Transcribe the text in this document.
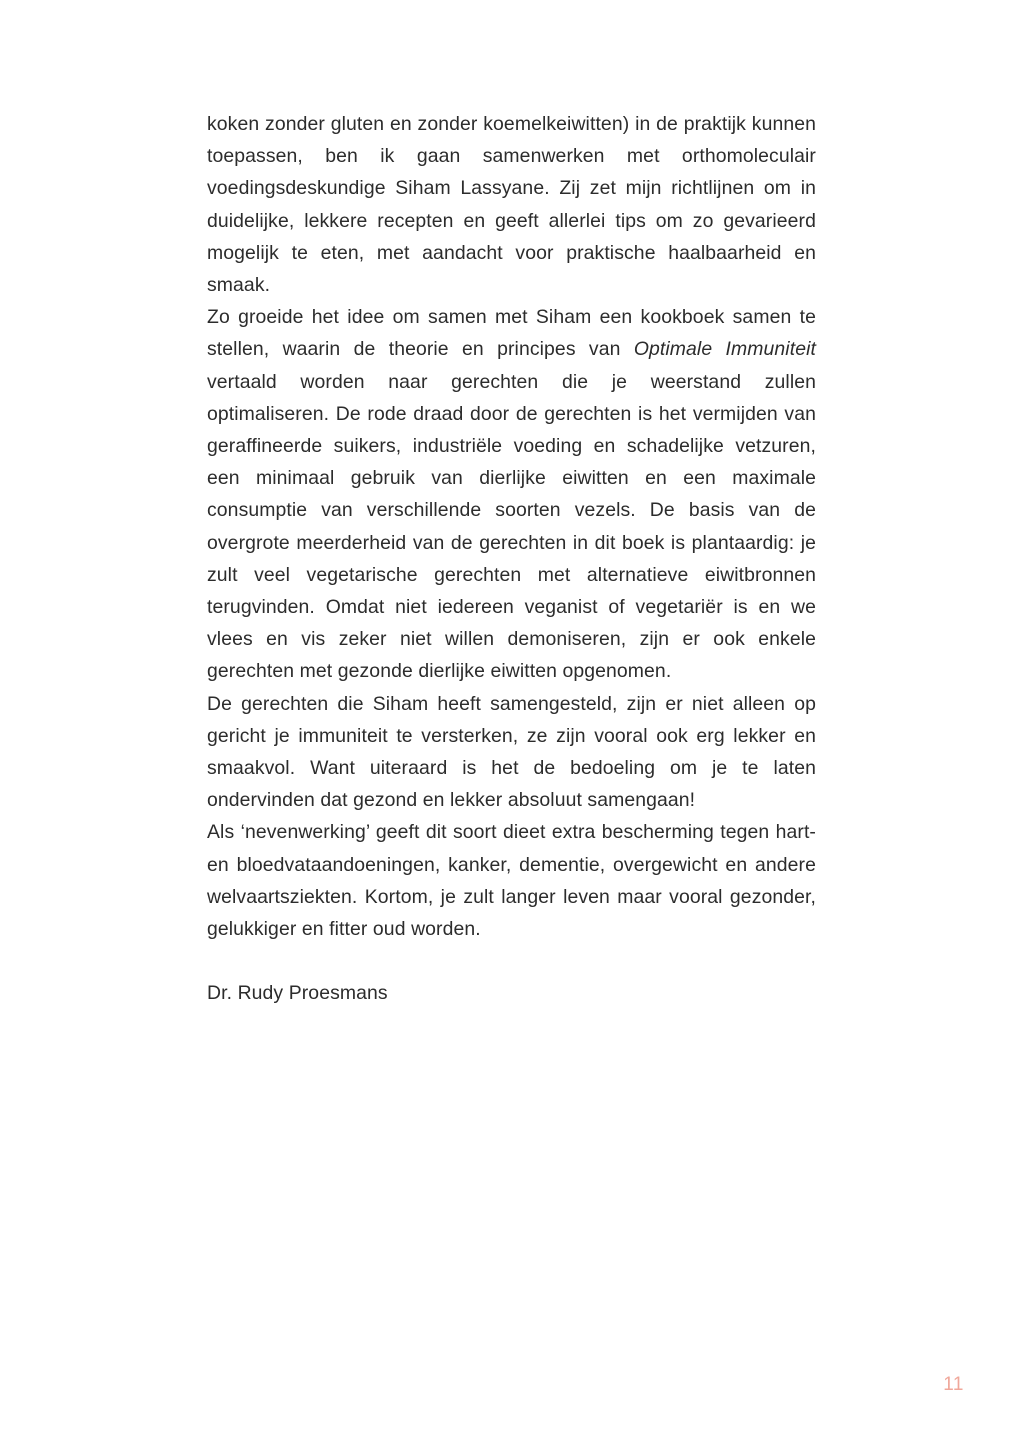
koken zonder gluten en zonder koemelkeiwitten) in de praktijk kunnen toepassen, ben ik gaan samenwerken met orthomoleculair voedingsdeskundige Siham Lassyane. Zij zet mijn richtlijnen om in duidelijke, lekkere recepten en geeft allerlei tips om zo gevarieerd mogelijk te eten, met aandacht voor praktische haalbaarheid en smaak.

Zo groeide het idee om samen met Siham een kookboek samen te stellen, waarin de theorie en principes van Optimale Immuniteit vertaald worden naar gerechten die je weerstand zullen optimaliseren. De rode draad door de gerechten is het vermijden van geraffineerde suikers, industriële voeding en schadelijke vetzuren, een minimaal gebruik van dierlijke eiwitten en een maximale consumptie van verschillende soorten vezels. De basis van de overgrote meerderheid van de gerechten in dit boek is plantaardig: je zult veel vegetarische gerechten met alternatieve eiwitbronnen terugvinden. Omdat niet iedereen veganist of vegetariër is en we vlees en vis zeker niet willen demoniseren, zijn er ook enkele gerechten met gezonde dierlijke eiwitten opgenomen.

De gerechten die Siham heeft samengesteld, zijn er niet alleen op gericht je immuniteit te versterken, ze zijn vooral ook erg lekker en smaakvol. Want uiteraard is het de bedoeling om je te laten ondervinden dat gezond en lekker absoluut samengaan!

Als ‘nevenwerking’ geeft dit soort dieet extra bescherming tegen hart- en bloedvataandoeningen, kanker, dementie, overgewicht en andere welvaartsziekten. Kortom, je zult langer leven maar vooral gezonder, gelukkiger en fitter oud worden.

Dr. Rudy Proesmans

11
